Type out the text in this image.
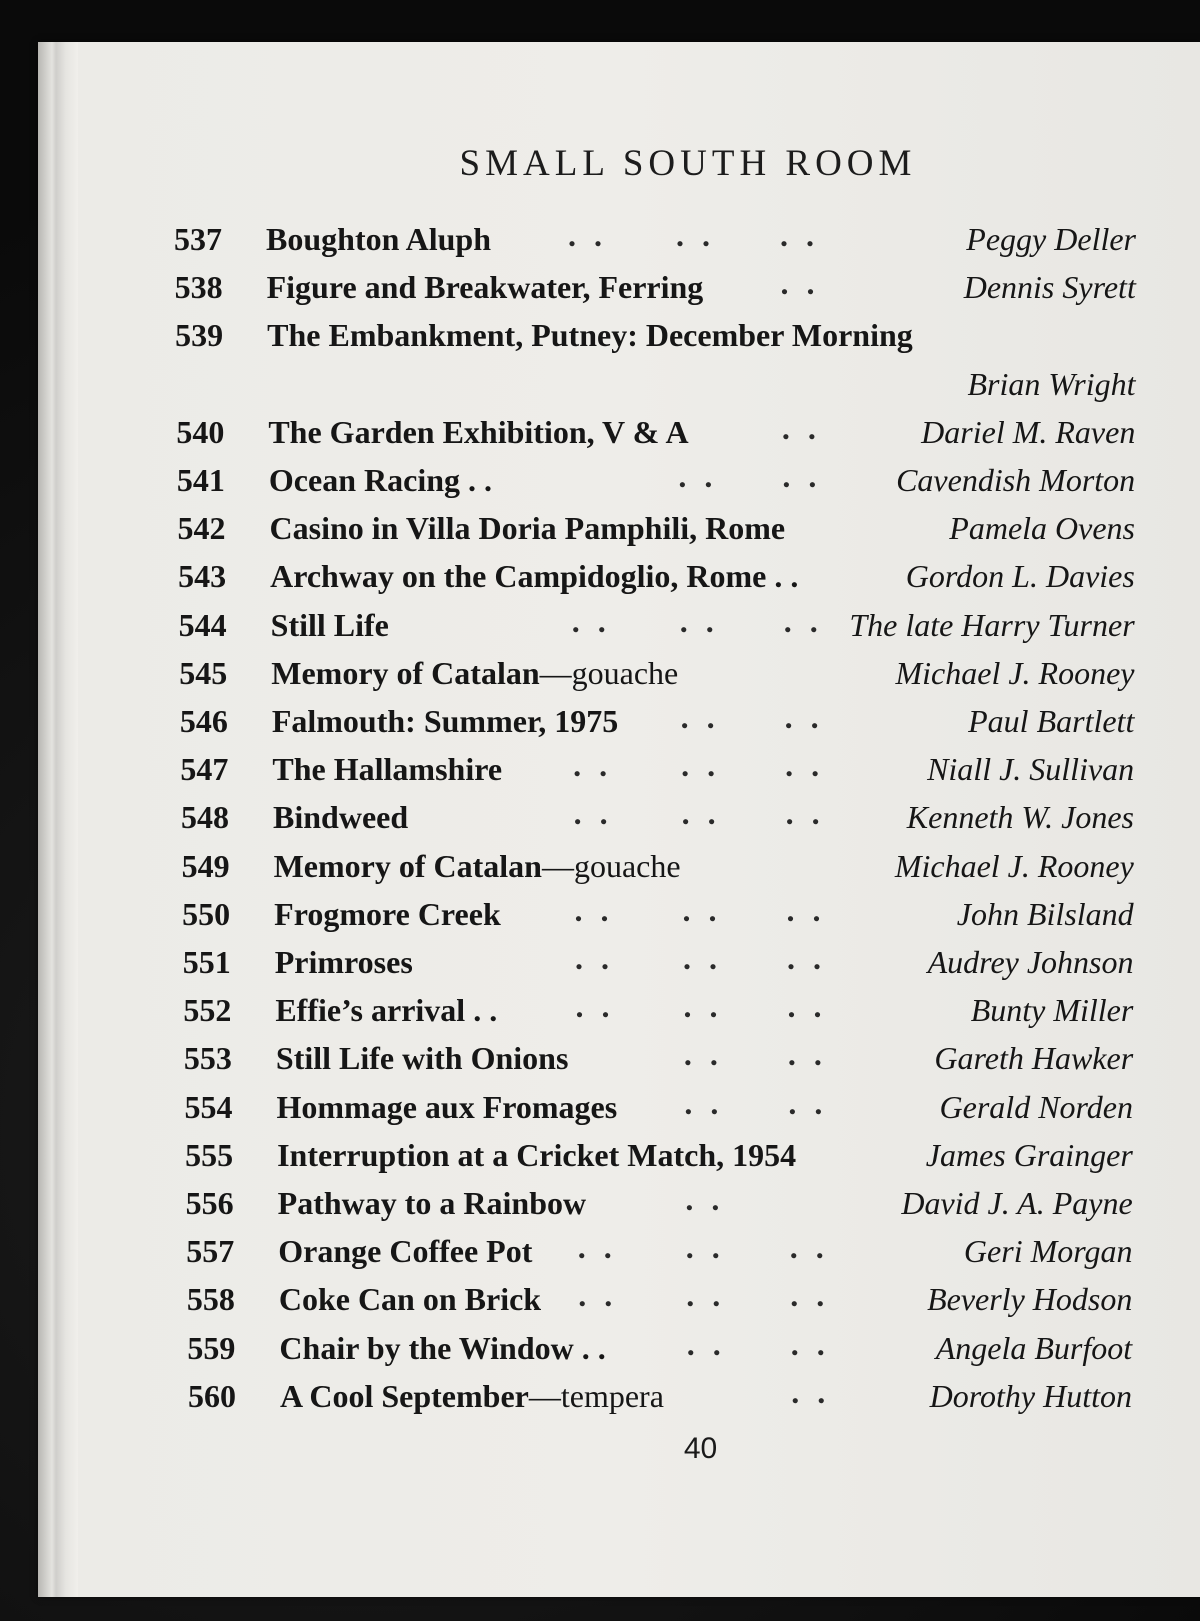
SMALL SOUTH ROOM
537 Boughton Aluph . . . . . .	Peggy Deller
538 Figure and Breakwater, Ferring . .	Dennis Syrett
539 The Embankment, Putney: December Morning
Brian Wright
540 The Garden Exhibition, V & A	. .	Dariel M. Raven
541 Ocean Racing . .	. . . . Cavendish Morton
542 Casino in Villa Doria Pamphili, Rome	Pamela Ovens
543 Archway on the Campidoglio, Rome . .	Gordon L. Davies
544 Still Life	. . . . . . The late Harry Turner
545 Memory of Catalan—gouache	Michael J. Rooney
546 Falmouth: Summer, 1975 . . . .	Paul Bartlett
547 The Hallamshire . . . . . .	Niall J. Sullivan
548 Bindweed	. . . . . .	Kenneth W. Jones
549 Memory of Catalan—gouache	Michael J. Rooney
550 Frogmore Creek . . . . . .	John Bilsland
551 Primroses	. . . . . .	Audrey Johnson
552 Effie’s arrival . . . . . . . .	Bunty Miller
553 Still Life with Onions	. . . .	Gareth Hawker
554 Hommage aux Fromages . . . .	Gerald Norden
555 Interruption at a Cricket Match, 1954	James Grainger
556 Pathway to a Rainbow	. .	David J. A. Payne
557 Orange Coffee Pot . . . . . .	Geri Morgan
558 Coke Can on Brick . . . . . .	Beverly Hodson
559 Chair by the Window . .	. . . .	Angela Burfoot
560 A Cool September—tempera	. .	Dorothy Hutton
40
